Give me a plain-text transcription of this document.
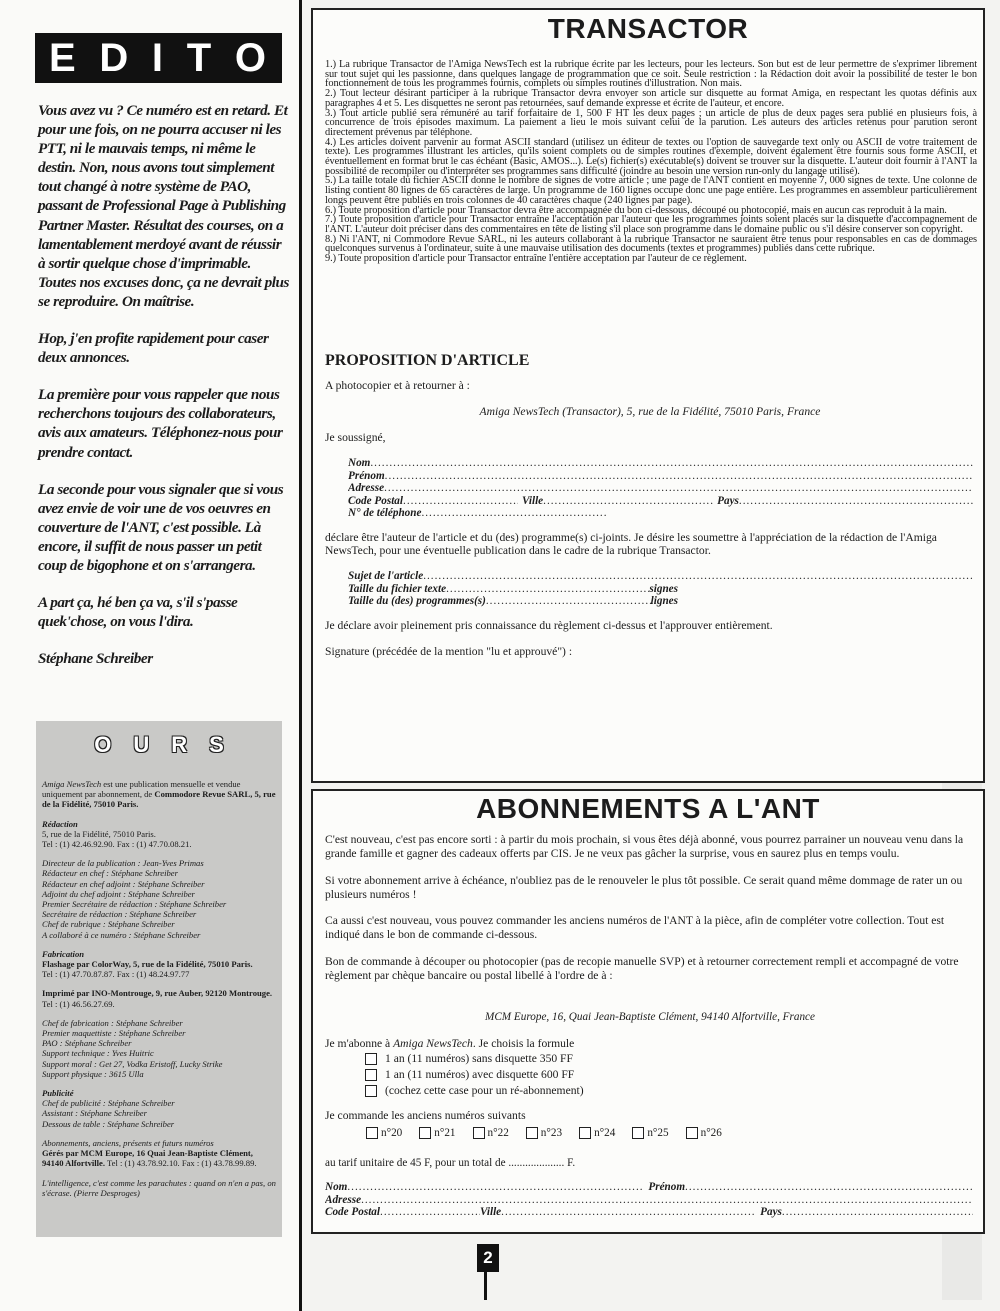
E D I T O

Vous avez vu ? Ce numéro est en retard. Et pour une fois, on ne pourra accuser ni les PTT, ni le mauvais temps, ni même le destin. Non, nous avons tout simplement tout changé à notre système de PAO, passant de Professional Page à Publishing Partner Master. Résultat des courses, on a lamentablement merdoyé avant de réussir à sortir quelque chose d'imprimable. Toutes nos excuses donc, ça ne devrait plus se reproduire. On maîtrise.

Hop, j'en profite rapidement pour caser deux annonces.

La première pour vous rappeler que nous recherchons toujours des collaborateurs, avis aux amateurs. Téléphonez-nous pour prendre contact.

La seconde pour vous signaler que si vous avez envie de voir une de vos oeuvres en couverture de l'ANT, c'est possible. Là encore, il suffit de nous passer un petit coup de bigophone et on s'arrangera.

A part ça, hé ben ça va, s'il s'passe quek'chose, on vous l'dira.

Stéphane Schreiber

O U R S

Amiga NewsTech est une publication mensuelle et vendue uniquement par abonnement, de Commodore Revue SARL, 5, rue de la Fidélité, 75010 Paris.

Rédaction
5, rue de la Fidélité, 75010 Paris.
Tel : (1) 42.46.92.90. Fax : (1) 47.70.08.21.

Directeur de la publication : Jean-Yves Primas
Rédacteur en chef : Stéphane Schreiber
Rédacteur en chef adjoint : Stéphane Schreiber
Adjoint du chef adjoint : Stéphane Schreiber
Premier Secrétaire de rédaction : Stéphane Schreiber
Secrétaire de rédaction : Stéphane Schreiber
Chef de rubrique : Stéphane Schreiber
A collaboré à ce numéro : Stéphane Schreiber

Fabrication
Flashage par ColorWay, 5, rue de la Fidélité, 75010 Paris.
Tel : (1) 47.70.87.87. Fax : (1) 48.24.97.77

Imprimé par INO-Montrouge, 9, rue Auber, 92120 Montrouge.
Tel : (1) 46.56.27.69.

Chef de fabrication : Stéphane Schreiber
Premier maquettiste : Stéphane Schreiber
PAO : Stéphane Schreiber
Support technique : Yves Huitric
Support moral : Get 27, Vodka Eristoff, Lucky Strike
Support physique : 3615 Ulla

Publicité
Chef de publicité : Stéphane Schreiber
Assistant : Stéphane Schreiber
Dessous de table : Stéphane Schreiber

Abonnements, anciens, présents et futurs numéros
Gérés par MCM Europe, 16 Quai Jean-Baptiste Clément, 94140 Alfortville. Tel : (1) 43.78.92.10. Fax : (1) 43.78.99.89.

L'intelligence, c'est comme les parachutes : quand on n'en a pas, on s'écrase. (Pierre Desproges)

2
TRANSACTOR
1.) La rubrique Transactor de l'Amiga NewsTech est la rubrique écrite par les lecteurs, pour les lecteurs. Son but est de leur permettre de s'exprimer librement sur tout sujet qui les passionne, dans quelques langage de programmation que ce soit. Seule restriction : la Rédaction doit avoir la possibilité de tester le bon fonctionnement de tous les programmes fournis, complets ou simples routines d'illustration. Non mais.
2.) Tout lecteur désirant participer à la rubrique Transactor devra envoyer son article sur disquette au format Amiga, en respectant les quotas définis aux paragraphes 4 et 5. Les disquettes ne seront pas retournées, sauf demande expresse et écrite de l'auteur, et encore.
3.) Tout article publié sera rémunéré au tarif forfaitaire de 1, 500 F HT les deux pages ; un article de plus de deux pages sera publié en plusieurs fois, à concurrence de trois épisodes maximum. La paiement a lieu le mois suivant celui de la parution. Les auteurs des articles retenus pour parution seront directement prévenus par téléphone.
4.) Les articles doivent parvenir au format ASCII standard (utilisez un éditeur de textes ou l'option de sauvegarde text only ou ASCII de votre traitement de texte). Les programmes illustrant les articles, qu'ils soient complets ou de simples routines d'exemple, doivent également être fournis sous forme ASCII, et éventuellement en format brut le cas échéant (Basic, AMOS...). Le(s) fichier(s) exécutable(s) doivent se trouver sur la disquette. L'auteur doit fournir à l'ANT la possibilité de recompiler ou d'interpréter ses programmes sans difficulté (joindre au besoin une version run-only du langage utilisé).
5.) La taille totale du fichier ASCII donne le nombre de signes de votre article ; une page de l'ANT contient en moyenne 7, 000 signes de texte. Une colonne de listing contient 80 lignes de 65 caractères de large. Un programme de 160 lignes occupe donc une page entière. Les programmes en assembleur particulièrement longs peuvent être publiés en trois colonnes de 40 caractères chaque (240 lignes par page).
6.) Toute proposition d'article pour Transactor devra être accompagnée du bon ci-dessous, découpé ou photocopié, mais en aucun cas reproduit à la main.
7.) Toute proposition d'article pour Transactor entraîne l'acceptation par l'auteur que les programmes joints soient placés sur la disquette d'accompagnement de l'ANT. L'auteur doit préciser dans des commentaires en tête de listing s'il place son programme dans le domaine public ou s'il désire conserver son copyright.
8.) Ni l'ANT, ni Commodore Revue SARL, ni les auteurs collaborant à la rubrique Transactor ne sauraient être tenus pour responsables en cas de dommages quelconques survenus à l'ordinateur, suite à une mauvaise utilisation des documents (textes et programmes) publiés dans cette rubrique.
9.) Toute proposition d'article pour Transactor entraîne l'entière acceptation par l'auteur de ce règlement.
PROPOSITION D'ARTICLE
A photocopier et à retourner à :
Amiga NewsTech (Transactor), 5, rue de la Fidélité, 75010 Paris, France
Je soussigné,
Nom
.....
Prénom
.....
Adresse
.....
Code Postal .....	Ville .....	Pays
.....
N° de téléphone
.....
déclare être l'auteur de l'article et du (des) programme(s) ci-joints. Je désire les soumettre à l'appréciation de la rédaction de l'Amiga NewsTech, pour une éventuelle publication dans le cadre de la rubrique Transactor.
Sujet de l'article
.....
Taille du fichier texte .....	signes
Taille du (des) programmes(s) .....	lignes
Je déclare avoir pleinement pris connaissance du règlement ci-dessus et l'approuver entièrement.
Signature (précédée de la mention "lu et approuvé") :
ABONNEMENTS A L'ANT

C'est nouveau, c'est pas encore sorti : à partir du mois prochain, si vous êtes déjà abonné, vous pourrez parrainer un nouveau venu dans la grande famille et gagner des cadeaux offerts par CIS. Je ne veux pas gâcher la surprise, vous en saurez plus en temps voulu.

Si votre abonnement arrive à échéance, n'oubliez pas de le renouveler le plus tôt possible. Ce serait quand même dommage de rater un ou plusieurs numéros !

Ca aussi c'est nouveau, vous pouvez commander les anciens numéros de l'ANT à la pièce, afin de compléter votre collection. Tout est indiqué dans le bon de commande ci-dessous.

Bon de commande à découper ou photocopier (pas de recopie manuelle SVP) et à retourner correctement rempli et accompagné de votre règlement par chèque bancaire ou postal libellé à l'ordre de à :

MCM Europe, 16, Quai Jean-Baptiste Clément, 94140 Alfortville, France
Je m'abonne à Amiga NewsTech. Je choisis la formule
1 an (11 numéros) sans disquette 350 FF
1 an (11 numéros) avec disquette 600 FF
(cochez cette case pour un ré-abonnement)
Je commande les anciens numéros suivants
n°20	n°21	n°22	n°23	n°24	n°25	n°26
au tarif unitaire de 45 F, pour un total de .................... F.
Nom .....	Prénom
.....
Adresse
.....
Code Postal .....	Ville .....	Pays
.....
